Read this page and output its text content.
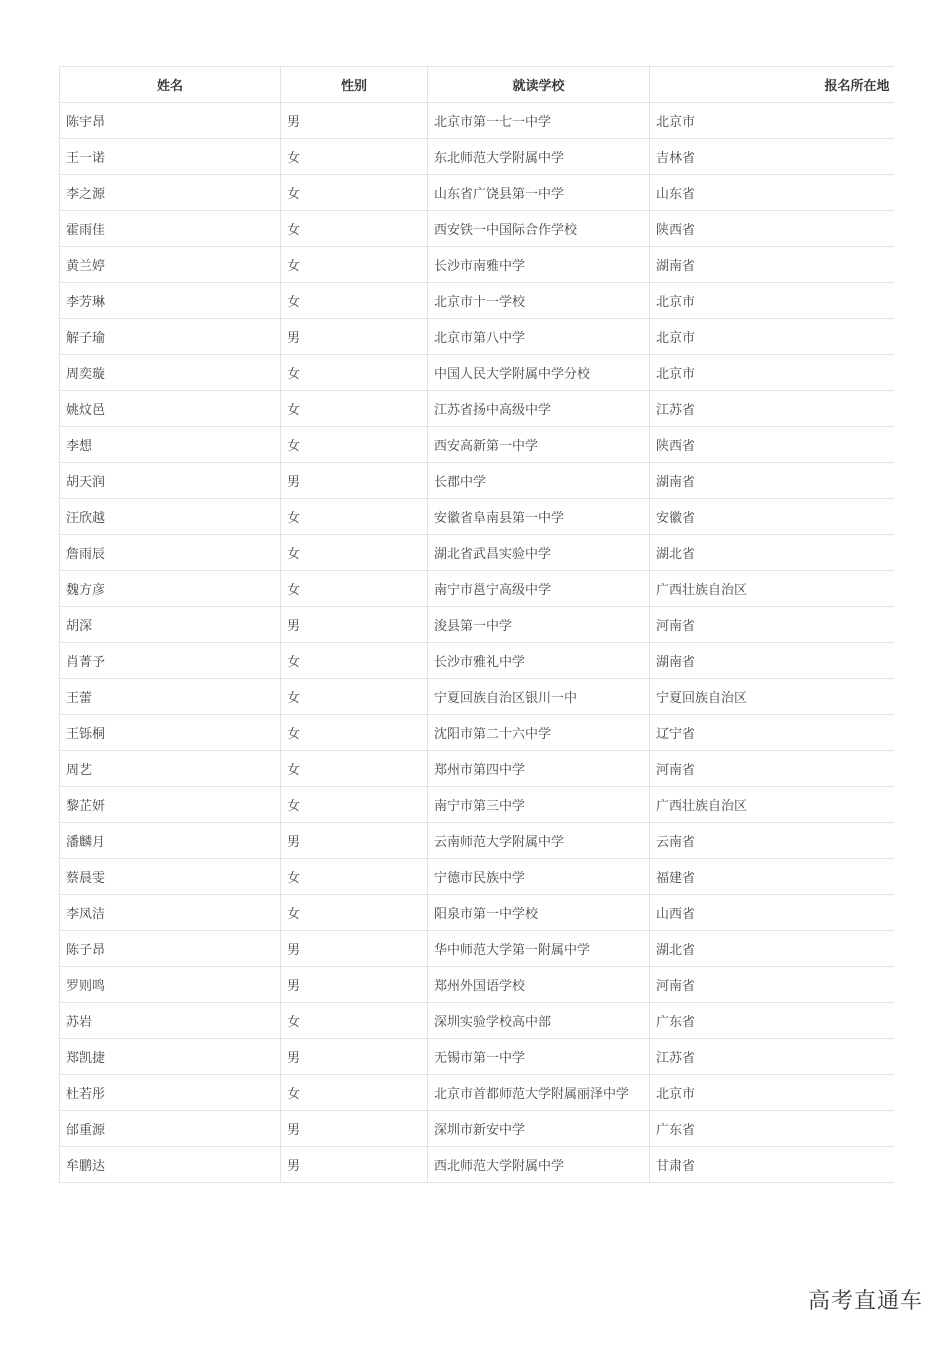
姓名	性别	就读学校	报名所在地
陈宇昂	男	北京市第一七一中学	北京市
王一诺	女	东北师范大学附属中学	吉林省
李之源	女	山东省广饶县第一中学	山东省
霍雨佳	女	西安铁一中国际合作学校	陕西省
黄兰婷	女	长沙市南雅中学	湖南省
李芳琳	女	北京市十一学校	北京市
解子瑜	男	北京市第八中学	北京市
周奕璇	女	中国人民大学附属中学分校	北京市
姚炆邑	女	江苏省扬中高级中学	江苏省
李想	女	西安高新第一中学	陕西省
胡天润	男	长郡中学	湖南省
汪欣越	女	安徽省阜南县第一中学	安徽省
詹雨辰	女	湖北省武昌实验中学	湖北省
魏方彦	女	南宁市邕宁高级中学	广西壮族自治区
胡深	男	浚县第一中学	河南省
肖菁予	女	长沙市雅礼中学	湖南省
王蕾	女	宁夏回族自治区银川一中	宁夏回族自治区
王铄桐	女	沈阳市第二十六中学	辽宁省
周艺	女	郑州市第四中学	河南省
黎芷妍	女	南宁市第三中学	广西壮族自治区
潘麟月	男	云南师范大学附属中学	云南省
蔡晨雯	女	宁德市民族中学	福建省
李凤洁	女	阳泉市第一中学校	山西省
陈子昂	男	华中师范大学第一附属中学	湖北省
罗则鸣	男	郑州外国语学校	河南省
苏岩	女	深圳实验学校高中部	广东省
郑凯捷	男	无锡市第一中学	江苏省
杜若彤	女	北京市首都师范大学附属丽泽中学	北京市
邰重源	男	深圳市新安中学	广东省
牟鹏达	男	西北师范大学附属中学	甘肃省
高考直通车
